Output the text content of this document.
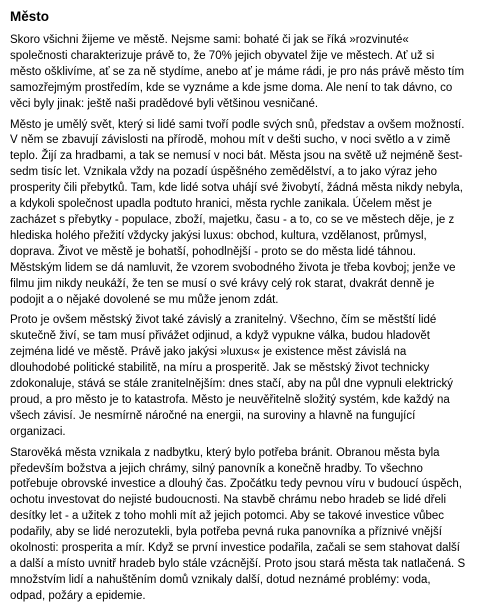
Město

Skoro všichni žijeme ve městě. Nejsme sami: bohaté či jak se říká »rozvinuté« společnosti charakterizuje právě to, že 70% jejich obyvatel žije ve městech. Ať už si město ošklivíme, ať se za ně stydíme, anebo ať je máme rádi, je pro nás právě město tím samozřejmým prostředím, kde se vyznáme a kde jsme doma. Ale není to tak dávno, co věci byly jinak: ještě naši pradědové byli většinou vesničané.

Město je umělý svět, který si lidé sami tvoří podle svých snů, představ a ovšem možností. V něm se zbavují závislosti na přírodě, mohou mít v dešti sucho, v noci světlo a v zimě teplo. Žijí za hradbami, a tak se nemusí v noci bát. Města jsou na světě už nejméně šest-sedm tisíc let. Vznikala vždy na pozadí úspěšného zemědělství, a to jako výraz jeho prosperity čili přebytků. Tam, kde lidé sotva uhájí své živobytí, žádná města nikdy nebyla, a kdykoli společnost upadla podtuto hranici, města rychle zanikala. Účelem měst je zacházet s přebytky - populace, zboží, majetku, času - a to, co se ve městech děje, je z hlediska holého přežití vždycky jakýsi luxus: obchod, kultura, vzdělanost, průmysl, doprava. Život ve městě je bohatší, pohodlnější - proto se do města lidé táhnou. Městským lidem se dá namluvit, že vzorem svobodného života je třeba kovboj; jenže ve filmu jim nikdy neukáží, že ten se musí o své krávy celý rok starat, dvakrát denně je podojit a o nějaké dovolené se mu může jenom zdát.

Proto je ovšem městský život také závislý a zranitelný. Všechno, čím se městští lidé skutečně živí, se tam musí přivážet odjinud, a když vypukne válka, budou hladovět zejména lidé ve městě. Právě jako jakýsi »luxus« je existence měst závislá na dlouhodobé politické stabilitě, na míru a prosperitě. Jak se městský život technicky zdokonaluje, stává se stále zranitelnějším: dnes stačí, aby na půl dne vypnuli elektrický proud, a pro město je to katastrofa. Město je neuvěřitelně složitý systém, kde každý na všech závisí. Je nesmírně náročné na energii, na suroviny a hlavně na fungující organizaci.

Starověká města vznikala z nadbytku, který bylo potřeba bránit. Obranou města byla především božstva a jejich chrámy, silný panovník a konečně hradby. To všechno potřebuje obrovské investice a dlouhý čas. Zpočátku tedy pevnou víru v budoucí úspěch, ochotu investovat do nejisté budoucnosti. Na stavbě chrámu nebo hradeb se lidé dřeli desítky let - a užitek z toho mohli mít až jejich potomci. Aby se takové investice vůbec podařily, aby se lidé nerozutekli, byla potřeba pevná ruka panovníka a příznivé vnější okolnosti: prosperita a mír. Když se první investice podařila, začali se sem stahovat další a další a místo uvnitř hradeb bylo stále vzácnější. Proto jsou stará města tak natlačená. S množstvím lidí a nahuštěním domů vznikaly další, dotud neznámé problémy: voda, odpad, požáry a epidemie.
